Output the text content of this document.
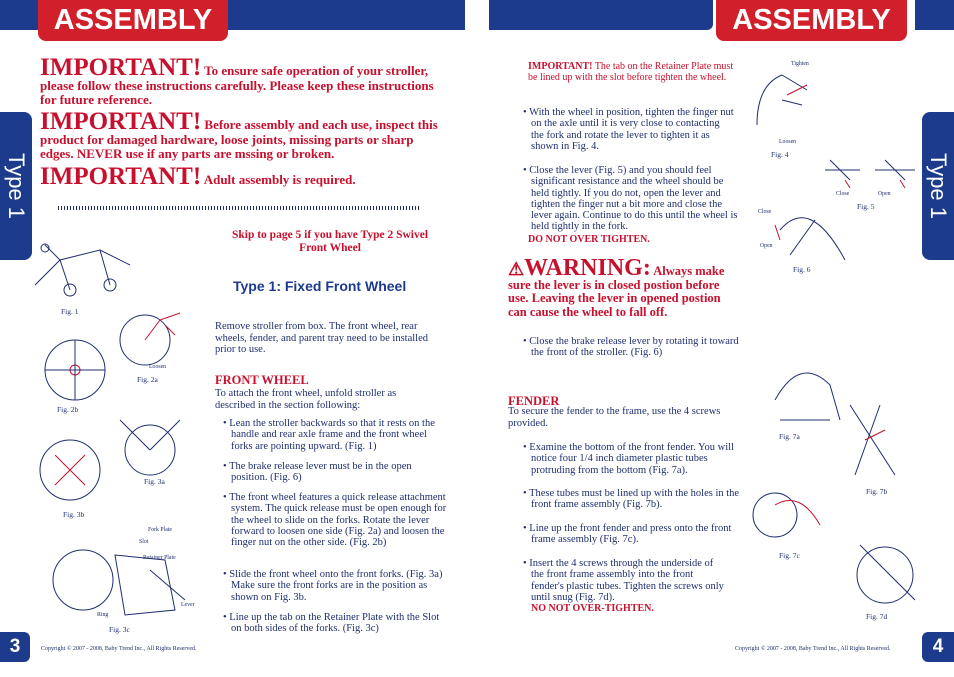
ASSEMBLY
Type 1
ASSEMBLY
Type 1
IMPORTANT! To ensure safe operation of your stroller, please follow these instructions carefully. Please keep these instructions for future reference.
IMPORTANT! Before assembly and each use, inspect this product for damaged hardware, loose joints, missing parts or sharp edges. NEVER use if any parts are mssing or broken.
IMPORTANT! Adult assembly is required.
Skip to page 5 if you have Type 2 Swivel Front Wheel
Type 1: Fixed Front Wheel
Remove stroller from box. The front wheel, rear wheels, fender, and parent tray need to be installed prior to use.
FRONT WHEEL
To attach the front wheel, unfold stroller as described in the section following:
• Lean the stroller backwards so that it rests on the handle and rear axle frame and the front wheel forks are pointing upward. (Fig. 1)
• The brake release lever must be in the open position. (Fig. 6)
• The front wheel features a quick release attachment system. The quick release must be open enough for the wheel to slide on the forks. Rotate the lever forward to loosen one side (Fig. 2a) and loosen the finger nut on the other side. (Fig. 2b)
• Slide the front wheel onto the front forks. (Fig. 3a) Make sure the front forks are in the position as shown on Fig. 3b.
• Line up the tab on the Retainer Plate with the Slot on both sides of the forks. (Fig. 3c)
Fig. 1
Loosen
Fig. 2a
Fig. 2b
Fig. 3a
Fig. 3b
Fork Plate
Slot
Retainer Plate
Lever
Ring
Fig. 3c
3	Copyright © 2007 - 2008, Baby Trend Inc., All Rights Reserved.
IMPORTANT! The tab on the Retainer Plate must be lined up with the slot before tighten the wheel.
• With the wheel in position, tighten the finger nut on the axle until it is very close to contacting the fork and rotate the lever to tighten it as shown in Fig. 4.
• Close the lever (Fig. 5) and you should feel significant resistance and the wheel should be held tightly. If you do not, open the lever and tighten the finger nut a bit more and close the lever again. Continue to do this until the wheel is held tightly in the fork.
DO NOT OVER TIGHTEN.
⚠WARNING: Always make sure the lever is in closed postion before use. Leaving the lever in opened postion can cause the wheel to fall off.
• Close the brake release lever by rotating it toward the front of the stroller. (Fig. 6)
FENDER
To secure the fender to the frame, use the 4 screws provided.
• Examine the bottom of the front fender. You will notice four 1/4 inch diameter plastic tubes protruding from the bottom (Fig. 7a).
• These tubes must be lined up with the holes in the front frame assembly (Fig. 7b).
• Line up the front fender and press onto the front frame assembly (Fig. 7c).
• Insert the 4 screws through the underside of the front frame assembly into the front fender's plastic tubes. Tighten the screws only until snug (Fig. 7d).
NO NOT OVER-TIGHTEN.
Tighten
Loosen
Fig. 4
Close	Open
Fig. 5
Close
Open
Fig. 6
Fig. 7a
Fig. 7b
Fig. 7c
Fig. 7d
Copyright © 2007 - 2008, Baby Trend Inc., All Rights Reserved.	4
